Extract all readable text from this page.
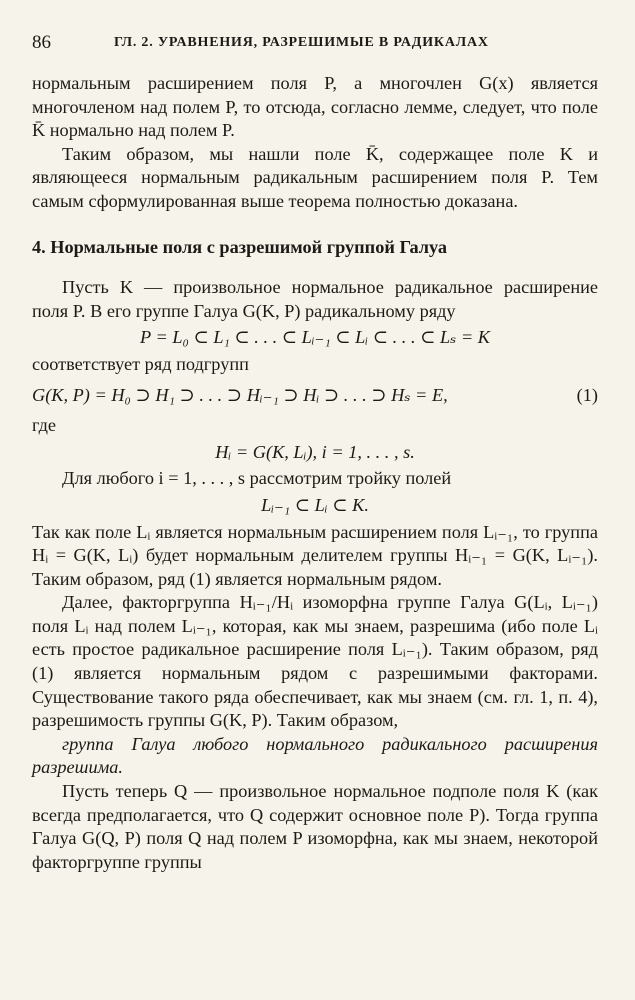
86	ГЛ. 2. УРАВНЕНИЯ, РАЗРЕШИМЫЕ В РАДИКАЛАХ

нормальным расширением поля P, а многочлен G(x) является многочленом над полем P, то отсюда, согласно лемме, следует, что поле K̄ нормально над полем P.

Таким образом, мы нашли поле K̄, содержащее поле K и являющееся нормальным радикальным расширением поля P. Тем самым сформулированная выше теорема полностью доказана.

4. Нормальные поля с разрешимой группой Галуа

Пусть K — произвольное нормальное радикальное расширение поля P. В его группе Галуа G(K, P) радикальному ряду

P = L₀ ⊂ L₁ ⊂ . . . ⊂ Lᵢ₋₁ ⊂ Lᵢ ⊂ . . . ⊂ Lₛ = K

соответствует ряд подгрупп

G(K, P) = H₀ ⊃ H₁ ⊃ . . . ⊃ Hᵢ₋₁ ⊃ Hᵢ ⊃ . . . ⊃ Hₛ = E,	(1)

где

Hᵢ = G(K, Lᵢ), i = 1, . . . , s.

Для любого i = 1, . . . , s рассмотрим тройку полей

Lᵢ₋₁ ⊂ Lᵢ ⊂ K.

Так как поле Lᵢ является нормальным расширением поля Lᵢ₋₁, то группа Hᵢ = G(K, Lᵢ) будет нормальным делителем группы Hᵢ₋₁ = G(K, Lᵢ₋₁). Таким образом, ряд (1) является нормальным рядом.

Далее, факторгруппа Hᵢ₋₁/Hᵢ изоморфна группе Галуа G(Lᵢ, Lᵢ₋₁) поля Lᵢ над полем Lᵢ₋₁, которая, как мы знаем, разрешима (ибо поле Lᵢ есть простое радикальное расширение поля Lᵢ₋₁). Таким образом, ряд (1) является нормальным рядом с разрешимыми факторами. Существование такого ряда обеспечивает, как мы знаем (см. гл. 1, п. 4), разрешимость группы G(K, P). Таким образом,

группа Галуа любого нормального радикального расширения разрешима.

Пусть теперь Q — произвольное нормальное подполе поля K (как всегда предполагается, что Q содержит основное поле P). Тогда группа Галуа G(Q, P) поля Q над полем P изоморфна, как мы знаем, некоторой факторгруппе группы
